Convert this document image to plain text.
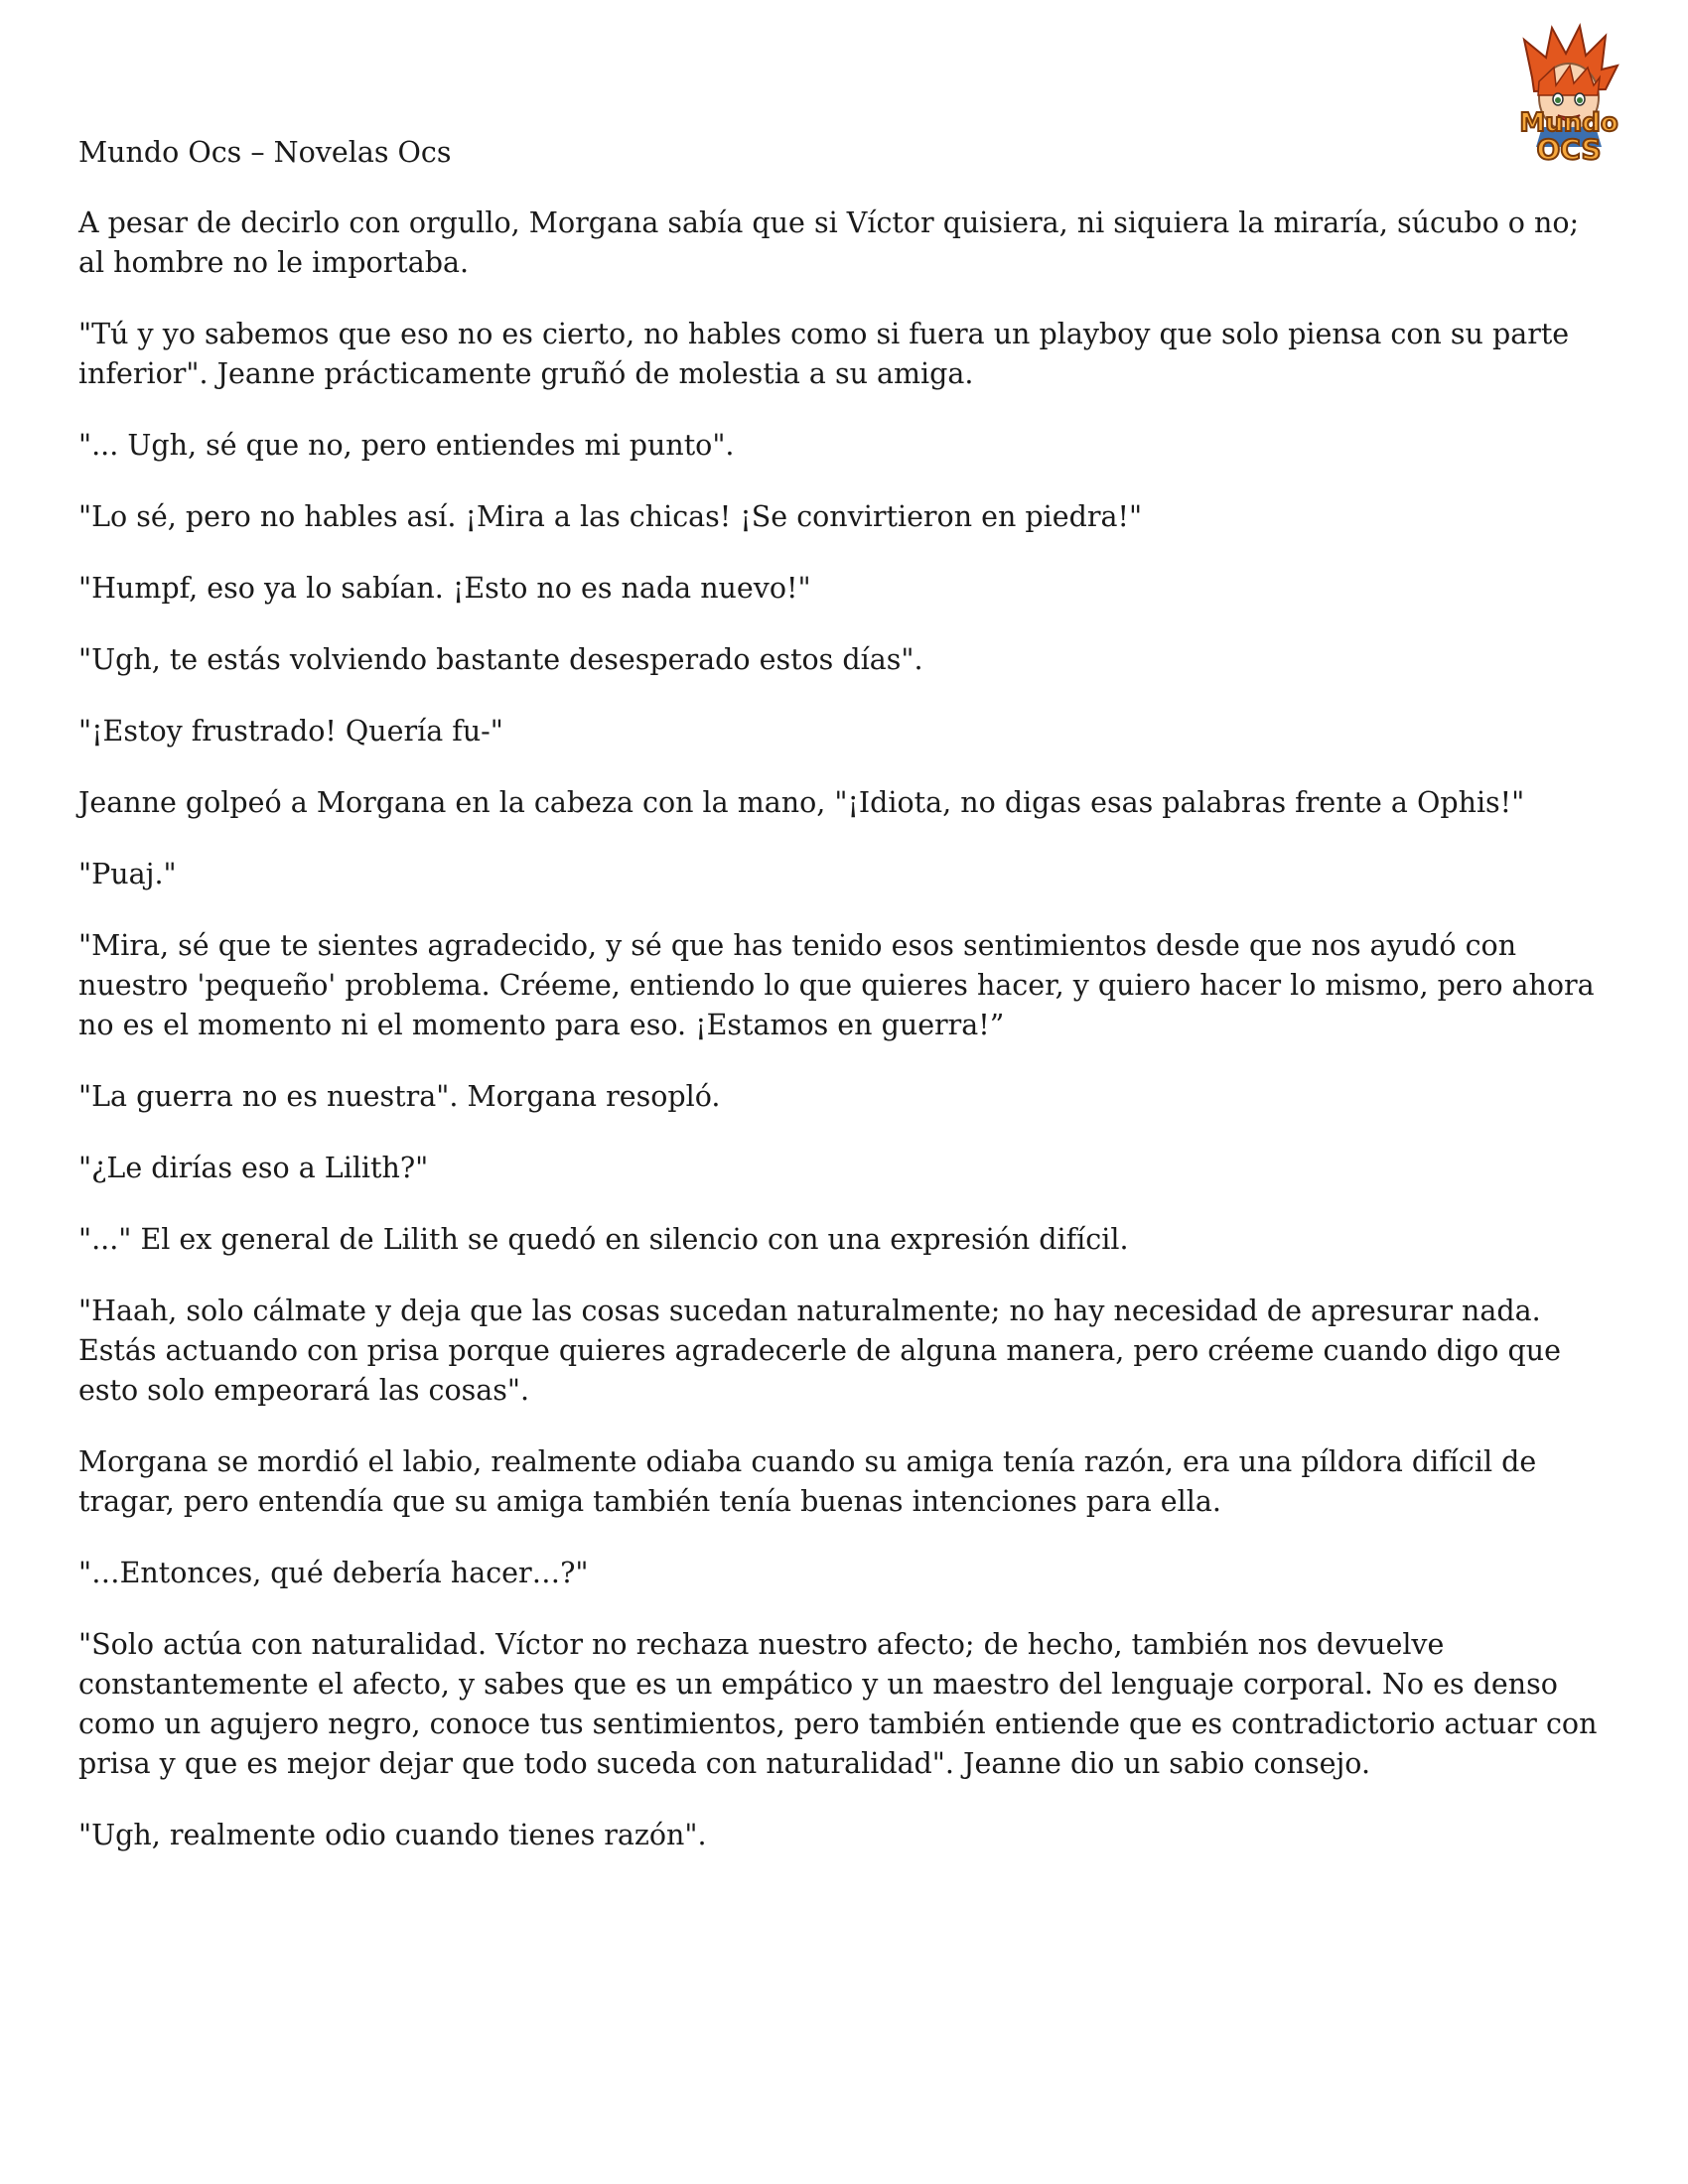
Mundo
OCS
Mundo Ocs – Novelas Ocs

A pesar de decirlo con orgullo, Morgana sabía que si Víctor quisiera, ni siquiera la miraría, súcubo o no; al hombre no le importaba.

"Tú y yo sabemos que eso no es cierto, no hables como si fuera un playboy que solo piensa con su parte inferior". Jeanne prácticamente gruñó de molestia a su amiga.

"... Ugh, sé que no, pero entiendes mi punto".

"Lo sé, pero no hables así. ¡Mira a las chicas! ¡Se convirtieron en piedra!"

"Humpf, eso ya lo sabían. ¡Esto no es nada nuevo!"

"Ugh, te estás volviendo bastante desesperado estos días".

"¡Estoy frustrado! Quería fu-"

Jeanne golpeó a Morgana en la cabeza con la mano, "¡Idiota, no digas esas palabras frente a Ophis!"

"Puaj."

"Mira, sé que te sientes agradecido, y sé que has tenido esos sentimientos desde que nos ayudó con nuestro 'pequeño' problema. Créeme, entiendo lo que quieres hacer, y quiero hacer lo mismo, pero ahora no es el momento ni el momento para eso. ¡Estamos en guerra!”

"La guerra no es nuestra". Morgana resopló.

"¿Le dirías eso a Lilith?"

"..." El ex general de Lilith se quedó en silencio con una expresión difícil.

"Haah, solo cálmate y deja que las cosas sucedan naturalmente; no hay necesidad de apresurar nada. Estás actuando con prisa porque quieres agradecerle de alguna manera, pero créeme cuando digo que esto solo empeorará las cosas".

Morgana se mordió el labio, realmente odiaba cuando su amiga tenía razón, era una píldora difícil de tragar, pero entendía que su amiga también tenía buenas intenciones para ella.

"…Entonces, qué debería hacer…?"

"Solo actúa con naturalidad. Víctor no rechaza nuestro afecto; de hecho, también nos devuelve constantemente el afecto, y sabes que es un empático y un maestro del lenguaje corporal. No es denso como un agujero negro, conoce tus sentimientos, pero también entiende que es contradictorio actuar con prisa y que es mejor dejar que todo suceda con naturalidad". Jeanne dio un sabio consejo.

"Ugh, realmente odio cuando tienes razón".
